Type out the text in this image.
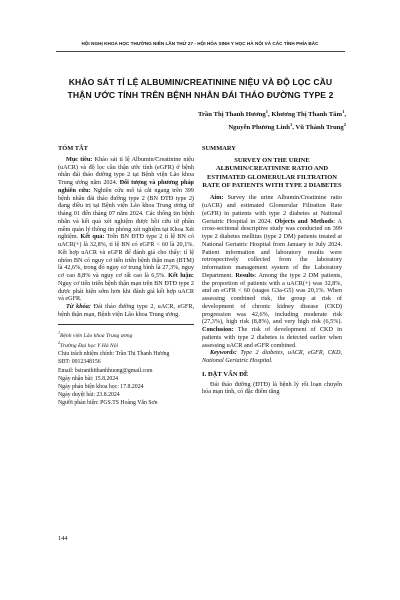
HỘI NGHỊ KHOA HỌC THƯỜNG NIÊN LẦN THỨ 27 - HỘI HÓA SINH Y HỌC HÀ NỘI VÀ CÁC TỈNH PHÍA BẮC
KHẢO SÁT TỈ LỆ ALBUMIN/CREATININE NIỆU VÀ ĐỘ LỌC CẦU THẬN ƯỚC TÍNH TRÊN BỆNH NHÂN ĐÁI THÁO ĐƯỜNG TYPE 2
Trần Thị Thanh Hương$^1$, Khương Thị Thanh Tâm$^1$,
Nguyễn Phương Linh$^1$, Vũ Thành Trung$^2$
TÓM TẮT

Mục tiêu: Khảo sát tỉ lệ Albumin/Creatinine niệu (uACR) và độ lọc cầu thận ước tính (eGFR) ở bệnh nhân đái tháo đường type 2 tại Bệnh viện Lão khoa Trung ương năm 2024. Đối tượng và phương pháp nghiên cứu: Nghiên cứu mô tả cắt ngang trên 399 bệnh nhân đái tháo đường type 2 (BN ĐTĐ type 2) đang điều trị tại Bệnh viện Lão khoa Trung ương từ tháng 01 đến tháng 07 năm 2024. Các thông tin bệnh nhân và kết quả xét nghiệm được hồi cứu từ phần mềm quản lý thông tin phòng xét nghiệm tại Khoa Xét nghiệm. Kết quả: Trên BN ĐTĐ type 2 tỉ lệ BN có uACR(+) là 32,8%, tỉ lệ BN có eGFR < 60 là 20,1%. Kết hợp uACR và eGFR để đánh giá cho thấy: tỉ lệ nhóm BN có nguy cơ tiến triển bệnh thận mạn (BTM) là 42,6%, trong đó nguy cơ trung bình là 27,3%, nguy cơ cao 8,8% và nguy cơ rất cao là 6,5%. Kết luận: Nguy cơ tiến triển bệnh thận mạn trên BN ĐTĐ type 2 được phát hiện sớm hơn khi đánh giá kết hợp uACR và eGFR.

Từ khóa: Đái tháo đường type 2, uACR, eGFR, bệnh thận mạn, Bệnh viện Lão khoa Trung ương.

$^1$Bệnh viện Lão khoa Trung ương
$^2$Trường Đại học Y Hà Nội
Chịu trách nhiệm chính: Trần Thị Thanh Hương
SĐT: 0912348156
Email: bstranthithanhhuong@gmail.com
Ngày nhận bài: 15.8.2024
Ngày phản biện khoa học: 17.8.2024
Ngày duyệt bài: 23.8.2024
Người phản biện: PGS.TS Hoàng Văn Sơn
SUMMARY
SURVEY ON THE URINE ALBUMIN/CREATININE RATIO AND ESTIMATED GLOMERULAR FILTRATION RATE OF PATIENTS WITH TYPE 2 DIABETES

Aim: Survey the urine Albumin/Creatinine ratio (uACR) and estimated Glomerular Filtration Rate (eGFR) in patients with type 2 diabetes at National Geriatric Hospital in 2024. Objects and Methods: A cross-sectional descriptive study was conducted on 399 type 2 diabetes mellitus (type 2 DM) patients treated at National Geriatric Hospital from January to July 2024. Patient information and laboratory results were retrospectively collected from the laboratory information management system of the Laboratory Department. Results: Among the type 2 DM patients, the proportion of patients with a uACR(+) was 32,8%, and an eGFR < 60 (stages G3a-G5) was 20,1%. When assessing combined risk, the group at risk of development of chronic kidney disease (CKD) progression was 42,6%, including moderate risk (27,3%), high risk (8,8%), and very high risk (6,5%). Conclusion: The risk of development of CKD in patients with type 2 diabetes is detected earlier when assessing uACR and eGFR combined.

Keywords: Type 2 diabetes, uACR, eGFR, CKD, National Geriatric Hospital.

I. ĐẶT VẤN ĐỀ

Đái tháo đường (ĐTĐ) là bệnh lý rối loạn chuyển hóa mạn tính, có đặc điểm tăng

144
